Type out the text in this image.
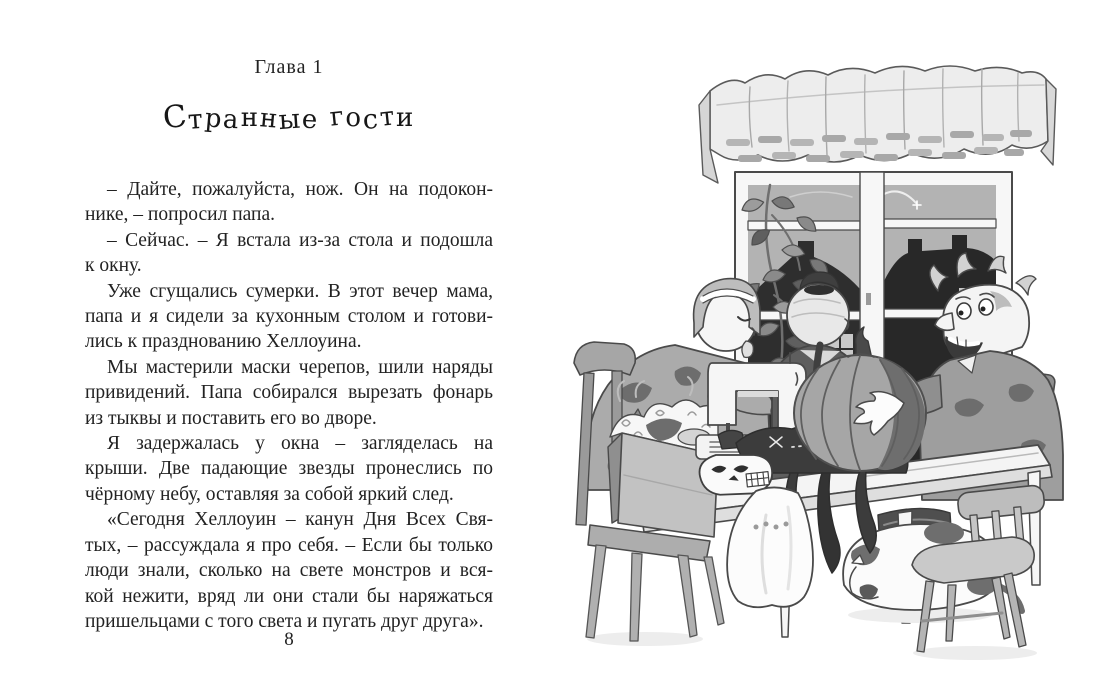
Глава 1
Странные гости
– Дайте, пожалуйста, нож. Он на подокон-
нике, – попросил папа.
– Сейчас. – Я встала из-за стола и подошла
к окну.
Уже сгущались сумерки. В этот вечер мама,
папа и я сидели за кухонным столом и готови-
лись к празднованию Хеллоуина.
Мы мастерили маски черепов, шили наряды
привидений. Папа собирался вырезать фонарь
из тыквы и поставить его во дворе.
Я задержалась у окна – загляделась на
крыши. Две падающие звезды пронеслись по
чёрному небу, оставляя за собой яркий след.
«Сегодня Хеллоуин – канун Дня Всех Свя-
тых, – рассуждала я про себя. – Если бы только
люди знали, сколько на свете монстров и вся-
кой нежити, вряд ли они стали бы наряжаться
пришельцами с того света и пугать друг друга».
8
